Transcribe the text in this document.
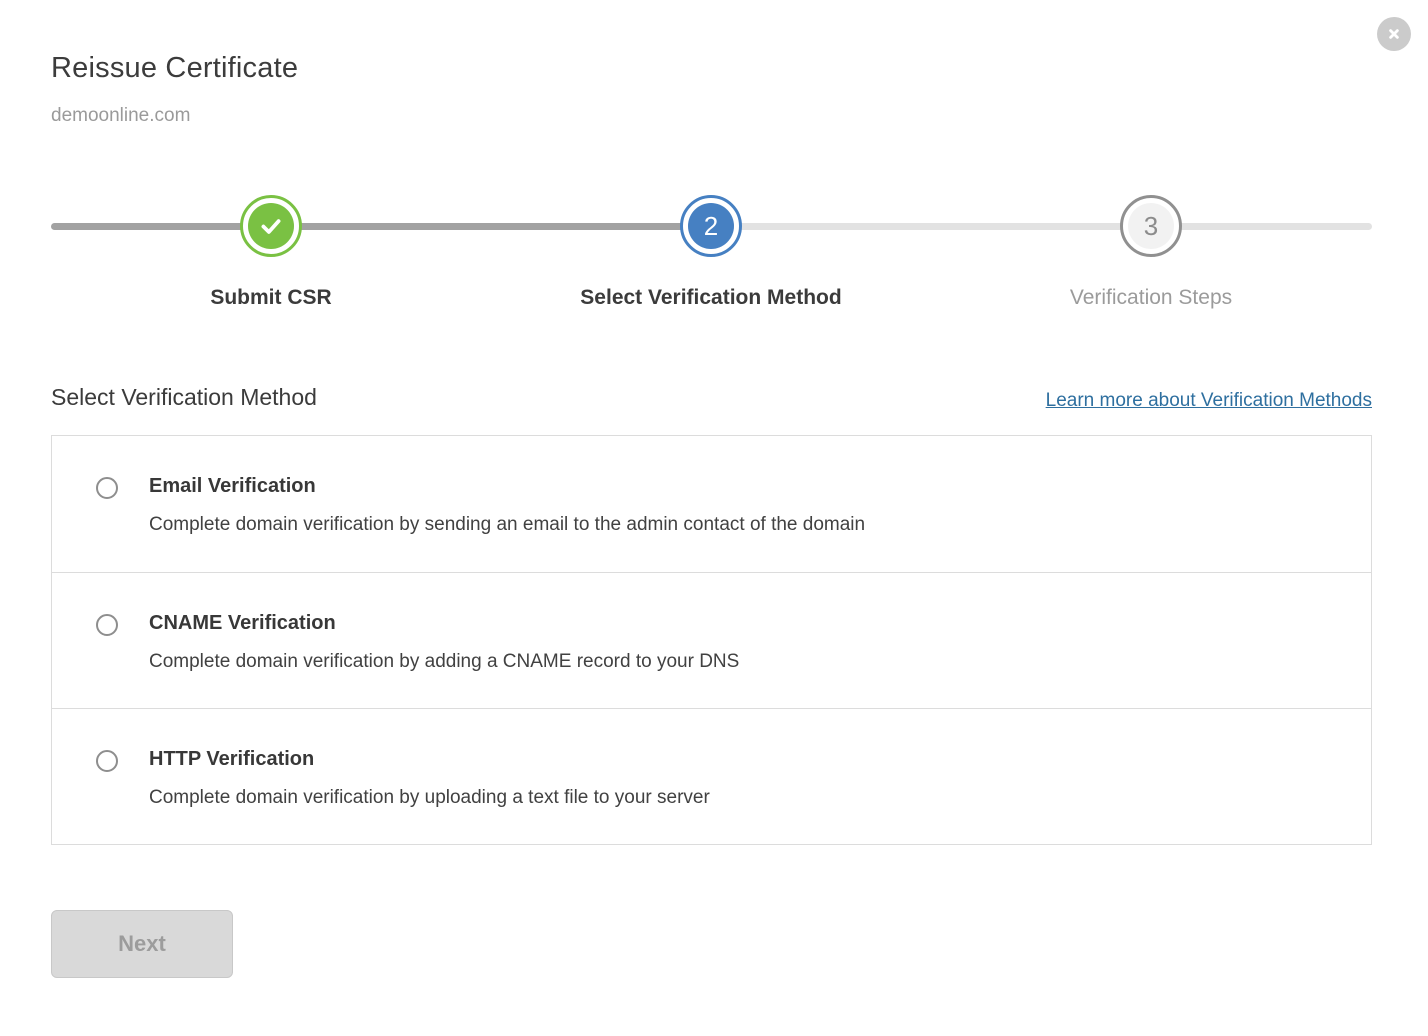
Reissue Certificate
demoonline.com
2	3
Submit CSR	Select Verification Method	Verification Steps
Select Verification Method	Learn more about Verification Methods
Email Verification
Complete domain verification by sending an email to the admin contact of the domain
CNAME Verification
Complete domain verification by adding a CNAME record to your DNS
HTTP Verification
Complete domain verification by uploading a text file to your server
Next
